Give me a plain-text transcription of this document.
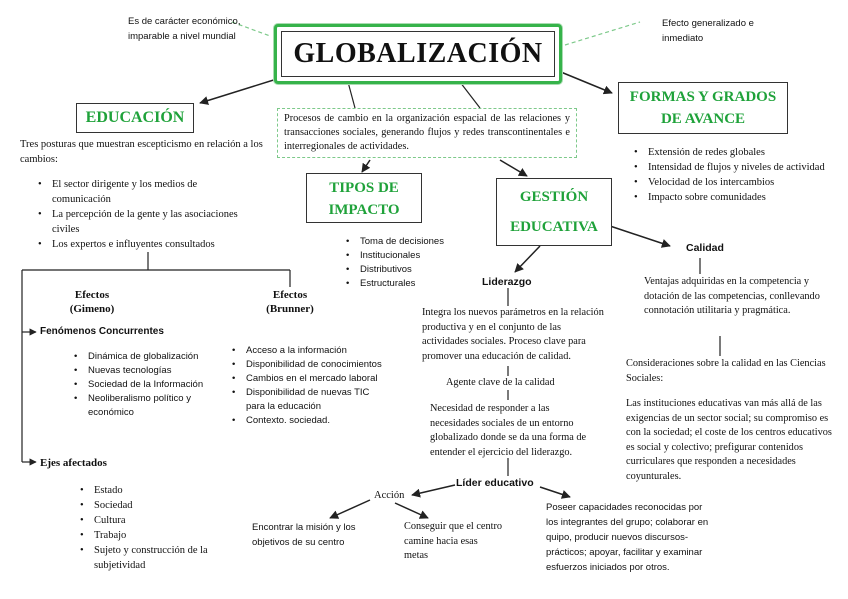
Es de carácter económico, imparable a nivel mundial
Efecto generalizado e inmediato
GLOBALIZACIÓN
Procesos de cambio en la organización espacial de las relaciones y transacciones sociales, generando flujos y redes transcontinentales e interregionales de actividades.
EDUCACIÓN
Tres posturas que muestran escepticismo en relación a los cambios:
• El sector dirigente y los medios de comunicación
• La percepción de la gente y las asociaciones civiles
• Los expertos e influyentes consultados
Efectos
(Gimeno)
Fenómenos Concurrentes
• Dinámica de globalización
• Nuevas tecnologías
• Sociedad de la Información
• Neoliberalismo político y económico
Ejes afectados
• Estado
• Sociedad
• Cultura
• Trabajo
• Sujeto y construcción de la subjetividad
Efectos
(Brunner)
• Acceso a la información
• Disponibilidad de conocimientos
• Cambios en el mercado laboral
• Disponibilidad de nuevas TIC para la educación
• Contexto. sociedad.
TIPOS DE IMPACTO
• Toma de decisiones
• Institucionales
• Distributivos
• Estructurales
GESTIÓN
EDUCATIVA
Liderazgo
Integra los nuevos parámetros en la relación productiva y en el conjunto de las actividades sociales. Proceso clave para promover una educación de calidad.
Agente clave de la calidad
Necesidad de responder a las necesidades sociales de un entorno globalizado donde se da una forma de entender el ejercicio del liderazgo.
Líder educativo
Acción
Encontrar la misión y los objetivos de su centro
Conseguir que el centro camine hacia esas metas
Poseer capacidades reconocidas por los integrantes del grupo; colaborar en quipo, producir nuevos discursos-prácticos; apoyar, facilitar y examinar esfuerzos iniciados por otros.
Calidad
Ventajas adquiridas en la competencia y dotación de las competencias, conllevando connotación utilitaria y pragmática.
Consideraciones sobre la calidad en las Ciencias Sociales:
Las instituciones educativas van más allá de las exigencias de un sector social; su compromiso es con la sociedad; el coste de los centros educativos es social y colectivo; prefigurar contenidos curriculares que responden a necesidades coyunturales.
FORMAS Y GRADOS DE AVANCE
• Extensión de redes globales
• Intensidad de flujos y niveles de actividad
• Velocidad de los intercambios
• Impacto sobre comunidades
